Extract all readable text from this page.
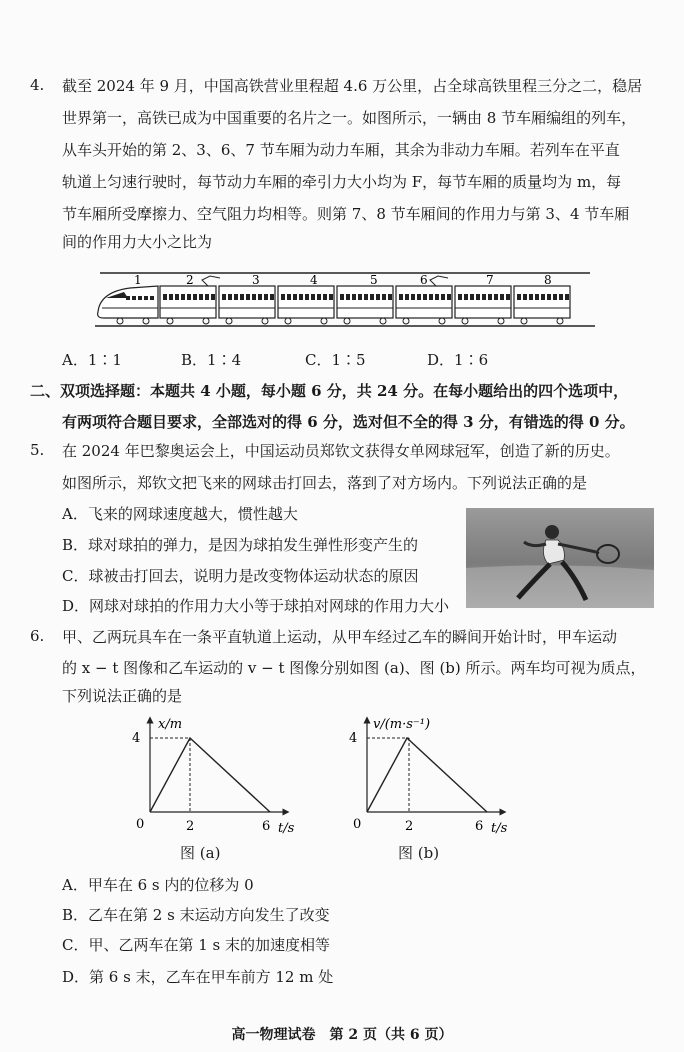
4. 截至 2024 年 9 月，中国高铁营业里程超 4.6 万公里，占全球高铁里程三分之二，稳居
世界第一，高铁已成为中国重要的名片之一。如图所示，一辆由 8 节车厢编组的列车，
从车头开始的第 2、3、6、7 节车厢为动力车厢，其余为非动力车厢。若列车在平直
轨道上匀速行驶时，每节动力车厢的牵引力大小均为 F，每节车厢的质量均为 m，每
节车厢所受摩擦力、空气阻力均相等。则第 7、8 节车厢间的作用力与第 3、4 节车厢
间的作用力大小之比为
1	2	3	4	5	6	7	8
A．1∶1	B．1∶4	C．1∶5	D．1∶6
二、双项选择题：本题共 4 小题，每小题 6 分，共 24 分。在每小题给出的四个选项中，
有两项符合题目要求，全部选对的得 6 分，选对但不全的得 3 分，有错选的得 0 分。
5. 在 2024 年巴黎奥运会上，中国运动员郑钦文获得女单网球冠军，创造了新的历史。
如图所示，郑钦文把飞来的网球击打回去，落到了对方场内。下列说法正确的是
A．飞来的网球速度越大，惯性越大
B．球对球拍的弹力，是因为球拍发生弹性形变产生的
C．球被击打回去，说明力是改变物体运动状态的原因
D．网球对球拍的作用力大小等于球拍对网球的作用力大小
6. 甲、乙两玩具车在一条平直轨道上运动，从甲车经过乙车的瞬间开始计时，甲车运动
的 x − t 图像和乙车运动的 v − t 图像分别如图 (a)、图 (b) 所示。两车均可视为质点，
下列说法正确的是
x/m
4
0	2	6 t/s
图 (a)
v/(m·s⁻¹)
4
0	2	6 t/s
图 (b)
A．甲车在 6 s 内的位移为 0
B．乙车在第 2 s 末运动方向发生了改变
C．甲、乙两车在第 1 s 末的加速度相等
D．第 6 s 末，乙车在甲车前方 12 m 处
高一物理试卷　第 2 页（共 6 页）
